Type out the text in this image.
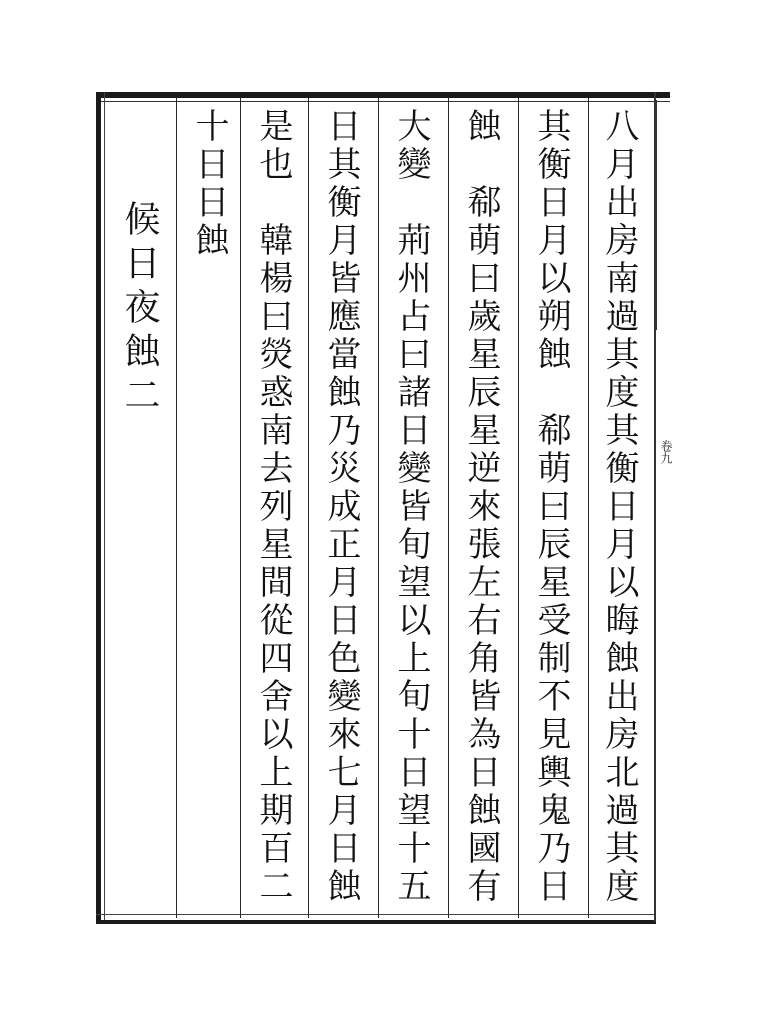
卷九
八月出房南過其度其衡日月以晦蝕出房北過其度
其衡日月以朔蝕　郗萌曰辰星受制不見輿鬼乃日
蝕　郗萌曰歲星辰星逆來張左右角皆為日蝕國有
大變　荊州占曰諸日變皆旬望以上旬十日望十五
日其衡月皆應當蝕乃災成正月日色變來七月日蝕
是也　韓楊曰熒惑南去列星間從四舍以上期百二
十日日蝕
候日夜蝕二
